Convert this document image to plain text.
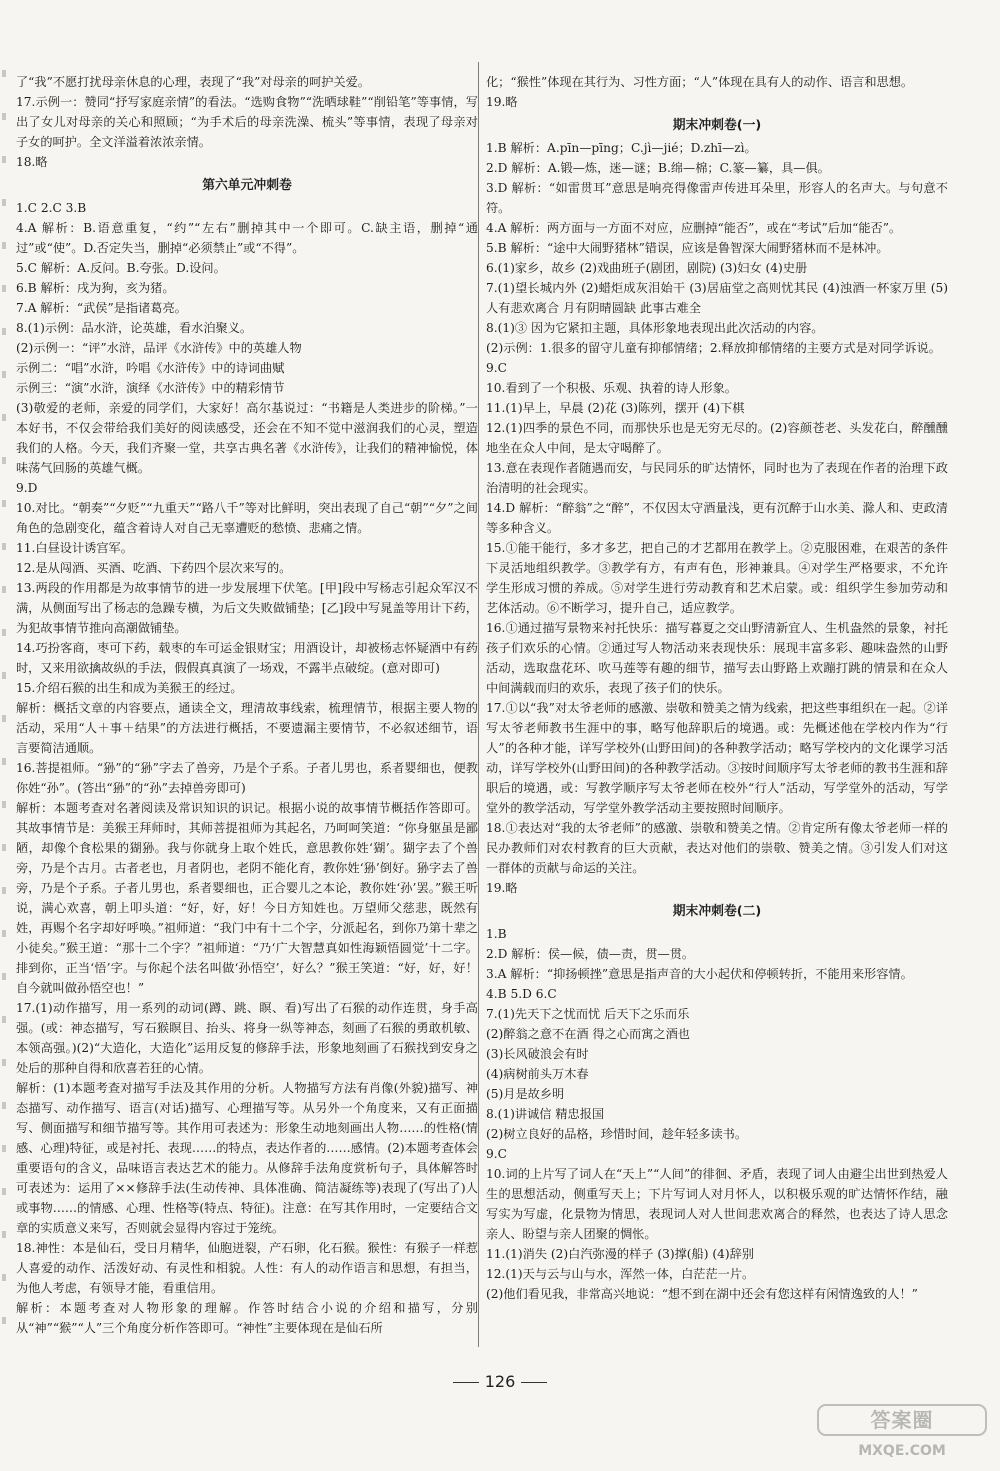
了“我”不愿打扰母亲休息的心理，表现了“我”对母亲的呵护关爱。

17.示例一：赞同“抒写家庭亲情”的看法。“选购食物”“洗晒球鞋”“削铅笔”等事情，写出了女儿对母亲的关心和照顾；“为手术后的母亲洗澡、梳头”等事情，表现了母亲对子女的呵护。全文洋溢着浓浓亲情。

18.略

第六单元冲刺卷

1.C 2.C 3.B

4.A 解析：B.语意重复，“约”“左右”删掉其中一个即可。C.缺主语，删掉“通过”或“使”。D.否定失当，删掉“必须禁止”或“不得”。

5.C 解析：A.反问。B.夸张。D.设问。

6.B 解析：戌为狗，亥为猪。

7.A 解析：“武侯”是指诸葛亮。

8.(1)示例：品水浒，论英雄，看水泊聚义。

(2)示例一：“评”水浒，品评《水浒传》中的英雄人物

示例二：“唱”水浒，吟唱《水浒传》中的诗词曲赋

示例三：“演”水浒，演绎《水浒传》中的精彩情节

(3)敬爱的老师，亲爱的同学们，大家好！高尔基说过：“书籍是人类进步的阶梯。”一本好书，不仅会带给我们美好的阅读感受，还会在不知不觉中滋润我们的心灵，塑造我们的人格。今天，我们齐聚一堂，共享古典名著《水浒传》，让我们的精神愉悦，体味荡气回肠的英雄气概。

9.D

10.对比。“朝奏”“夕贬”“九重天”“路八千”等对比鲜明，突出表现了自己“朝”“夕”之间角色的急剧变化，蕴含着诗人对自己无辜遭贬的愁愤、悲痛之情。

11.白昼设计诱宫军。

12.是从闯酒、买酒、吃酒、下药四个层次来写的。

13.两段的作用都是为故事情节的进一步发展埋下伏笔。[甲]段中写杨志引起众军汉不满，从侧面写出了杨志的急躁专横，为后文失败做铺垫；[乙]段中写晁盖等用计下药，为犯故事情节推向高潮做铺垫。

14.巧扮客商，枣可下药，载枣的车可运金银财宝；用酒设计，却被杨志怀疑酒中有药时，又来用欲擒故纵的手法，假假真真演了一场戏，不露半点破绽。(意对即可)

15.介绍石猴的出生和成为美猴王的经过。

解析：概括文章的内容要点，通读全文，理清故事线索，梳理情节，根据主要人物的活动，采用“人＋事＋结果”的方法进行概括，不要遗漏主要情节，不必叙述细节，语言要简洁通顺。

16.菩提祖师。“狲”的“狲”字去了兽旁，乃是个子系。子者儿男也，系者婴细也，便教你姓“孙”。(答出“狲”的“孙”去掉兽旁即可)

解析：本题考查对名著阅读及常识知识的识记。根据小说的故事情节概括作答即可。其故事情节是：美猴王拜师时，其师菩提祖师为其起名，乃呵呵笑道：“你身躯虽是鄙陋，却像个食松果的猢狲。我与你就身上取个姓氏，意思教你姓‘猢’。猢字去了个兽旁，乃是个古月。古者老也，月者阴也，老阴不能化育，教你姓‘狲’倒好。狲字去了兽旁，乃是个子系。子者儿男也，系者婴细也，正合婴儿之本论，教你姓‘孙’罢。”猴王听说，满心欢喜，朝上叩头道：“好，好，好！今日方知姓也。万望师父慈悲，既然有姓，再赐个名字却好呼唤。”祖师道：“我门中有十二个字，分派起名，到你乃第十辈之小徒矣。”猴王道：“那十二个字？”祖师道：“乃‘广大智慧真如性海颖悟圆觉’十二字。排到你，正当‘悟’字。与你起个法名叫做‘孙悟空’，好么？”猴王笑道：“好，好，好！自今就叫做孙悟空也！”

17.(1)动作描写，用一系列的动词(蹲、跳、瞑、看)写出了石猴的动作连贯，身手高强。(或：神态描写，写石猴瞑目、抬头、将身一纵等神态，刻画了石猴的勇敢机敏、本领高强。)(2)“大造化，大造化”运用反复的修辞手法，形象地刻画了石猴找到安身之处后的那种自得和欣喜若狂的心情。

解析：(1)本题考查对描写手法及其作用的分析。人物描写方法有肖像(外貌)描写、神态描写、动作描写、语言(对话)描写、心理描写等。从另外一个角度来，又有正面描写、侧面描写和细节描写等。其作用可表述为：形象生动地刻画出人物……的性格(情感、心理)特征，或是衬托、表现……的特点，表达作者的……感情。(2)本题考查体会重要语句的含义，品味语言表达艺术的能力。从修辞手法角度赏析句子，具体解答时可表述为：运用了××修辞手法(生动传神、具体准确、简洁凝练等)表现了(写出了)人或事物……的情感、心理、性格等(特点、特征)。注意：在写其作用时，一定要结合文章的实质意义来写，否则就会显得内容过于笼统。

18.神性：本是仙石，受日月精华，仙胞迸裂，产石卵，化石猴。猴性：有猴子一样惹人喜爱的动作、活泼好动、有灵性和相貌。人性：有人的动作语言和思想，有担当，为他人考虑，有领导才能，看重信用。

解析：本题考查对人物形象的理解。作答时结合小说的介绍和描写，分别从“神”“猴”“人”三个角度分析作答即可。“神性”主要体现在是仙石所

化；“猴性”体现在其行为、习性方面；“人”体现在具有人的动作、语言和思想。

19.略

期末冲刺卷(一)

1.B 解析：A.pīn—pīng；C.jì—jié；D.zhī—zì。

2.D 解析：A.锻—炼，迷—谜；B.绵—棉；C.篆—纂，具—俱。

3.D 解析：“如雷贯耳”意思是响亮得像雷声传进耳朵里，形容人的名声大。与句意不符。

4.A 解析：两方面与一方面不对应，应删掉“能否”，或在“考试”后加“能否”。

5.B 解析：“途中大闹野猪林”错误，应该是鲁智深大闹野猪林而不是林冲。

6.(1)家乡，故乡 (2)戏曲班子(剧团，剧院) (3)妇女 (4)史册

7.(1)望长城内外 (2)蜡炬成灰泪始干 (3)居庙堂之高则忧其民 (4)浊酒一杯家万里 (5)人有悲欢离合 月有阴晴圆缺 此事古难全

8.(1)③ 因为它紧扣主题，具体形象地表现出此次活动的内容。

(2)示例：1.很多的留守儿童有抑郁情绪；2.释放抑郁情绪的主要方式是对同学诉说。

9.C

10.看到了一个积极、乐观、执着的诗人形象。

11.(1)早上，早晨 (2)花 (3)陈列，摆开 (4)下棋

12.(1)四季的景色不同，而那快乐也是无穷无尽的。(2)容颜苍老、头发花白，醉醺醺地坐在众人中间，是太守喝醉了。

13.意在表现作者随遇而安，与民同乐的旷达情怀，同时也为了表现在作者的治理下政治清明的社会现实。

14.D 解析：“醉翁”之“醉”，不仅因太守酒量浅，更有沉醉于山水美、滁人和、吏政清等多种含义。

15.①能干能行，多才多艺，把自己的才艺都用在教学上。②克服困难，在艰苦的条件下灵活地组织教学。③教学有方，有声有色，形神兼具。④对学生严格要求，不允许学生形成习惯的养成。⑤对学生进行劳动教育和艺术启蒙。或：组织学生参加劳动和艺体活动。⑥不断学习，提升自己，适应教学。

16.①通过描写景物来衬托快乐：描写暮夏之交山野清新宜人、生机盎然的景象，衬托孩子们欢乐的心情。②通过写人物活动来表现快乐：展现丰富多彩、趣味盎然的山野活动，选取盘花环、吹马莲等有趣的细节，描写去山野路上欢蹦打跳的情景和在众人中间满载而归的欢乐，表现了孩子们的快乐。

17.①以“我”对太爷老师的感激、崇敬和赞美之情为线索，把这些事组织在一起。②详写太爷老师教书生涯中的事，略写他辞职后的境遇。或：先概述他在学校内作为“行人”的各种才能，详写学校外(山野田间)的各种教学活动；略写学校内的文化课学习活动，详写学校外(山野田间)的各种教学活动。③按时间顺序写太爷老师的教书生涯和辞职后的境遇，或：写教学顺序写太爷老师在校外“行人”活动，写学堂外的活动，写学堂外的教学活动，写学堂外教学活动主要按照时间顺序。

18.①表达对“我的太爷老师”的感激、崇敬和赞美之情。②肯定所有像太爷老师一样的民办教师们对农村教育的巨大贡献，表达对他们的崇敬、赞美之情。③引发人们对这一群体的贡献与命运的关注。

19.略

期末冲刺卷(二)

1.B

2.D 解析：侯—候，债—责，贯—贯。

3.A 解析：“抑扬顿挫”意思是指声音的大小起伏和停顿转折，不能用来形容情。

4.B 5.D 6.C

7.(1)先天下之忧而忧 后天下之乐而乐

(2)醉翁之意不在酒 得之心而寓之酒也

(3)长风破浪会有时

(4)病树前头万木春

(5)月是故乡明

8.(1)讲诚信 精忠报国

(2)树立良好的品格，珍惜时间，趁年轻多读书。

9.C

10.词的上片写了词人在“天上”“人间”的徘徊、矛盾，表现了词人由避尘出世到热爱人生的思想活动，侧重写天上；下片写词人对月怀人，以积极乐观的旷达情怀作结，融写实为写虚，化景物为情思，表现词人对人世间悲欢离合的释然，也表达了诗人思念亲人、盼望与亲人团聚的惆怅。

11.(1)消失 (2)白汽弥漫的样子 (3)撑(船) (4)辞别

12.(1)天与云与山与水，浑然一体，白茫茫一片。

(2)他们看见我，非常高兴地说：“想不到在湖中还会有您这样有闲情逸致的人！”

126
答案圈
MXQE.COM
